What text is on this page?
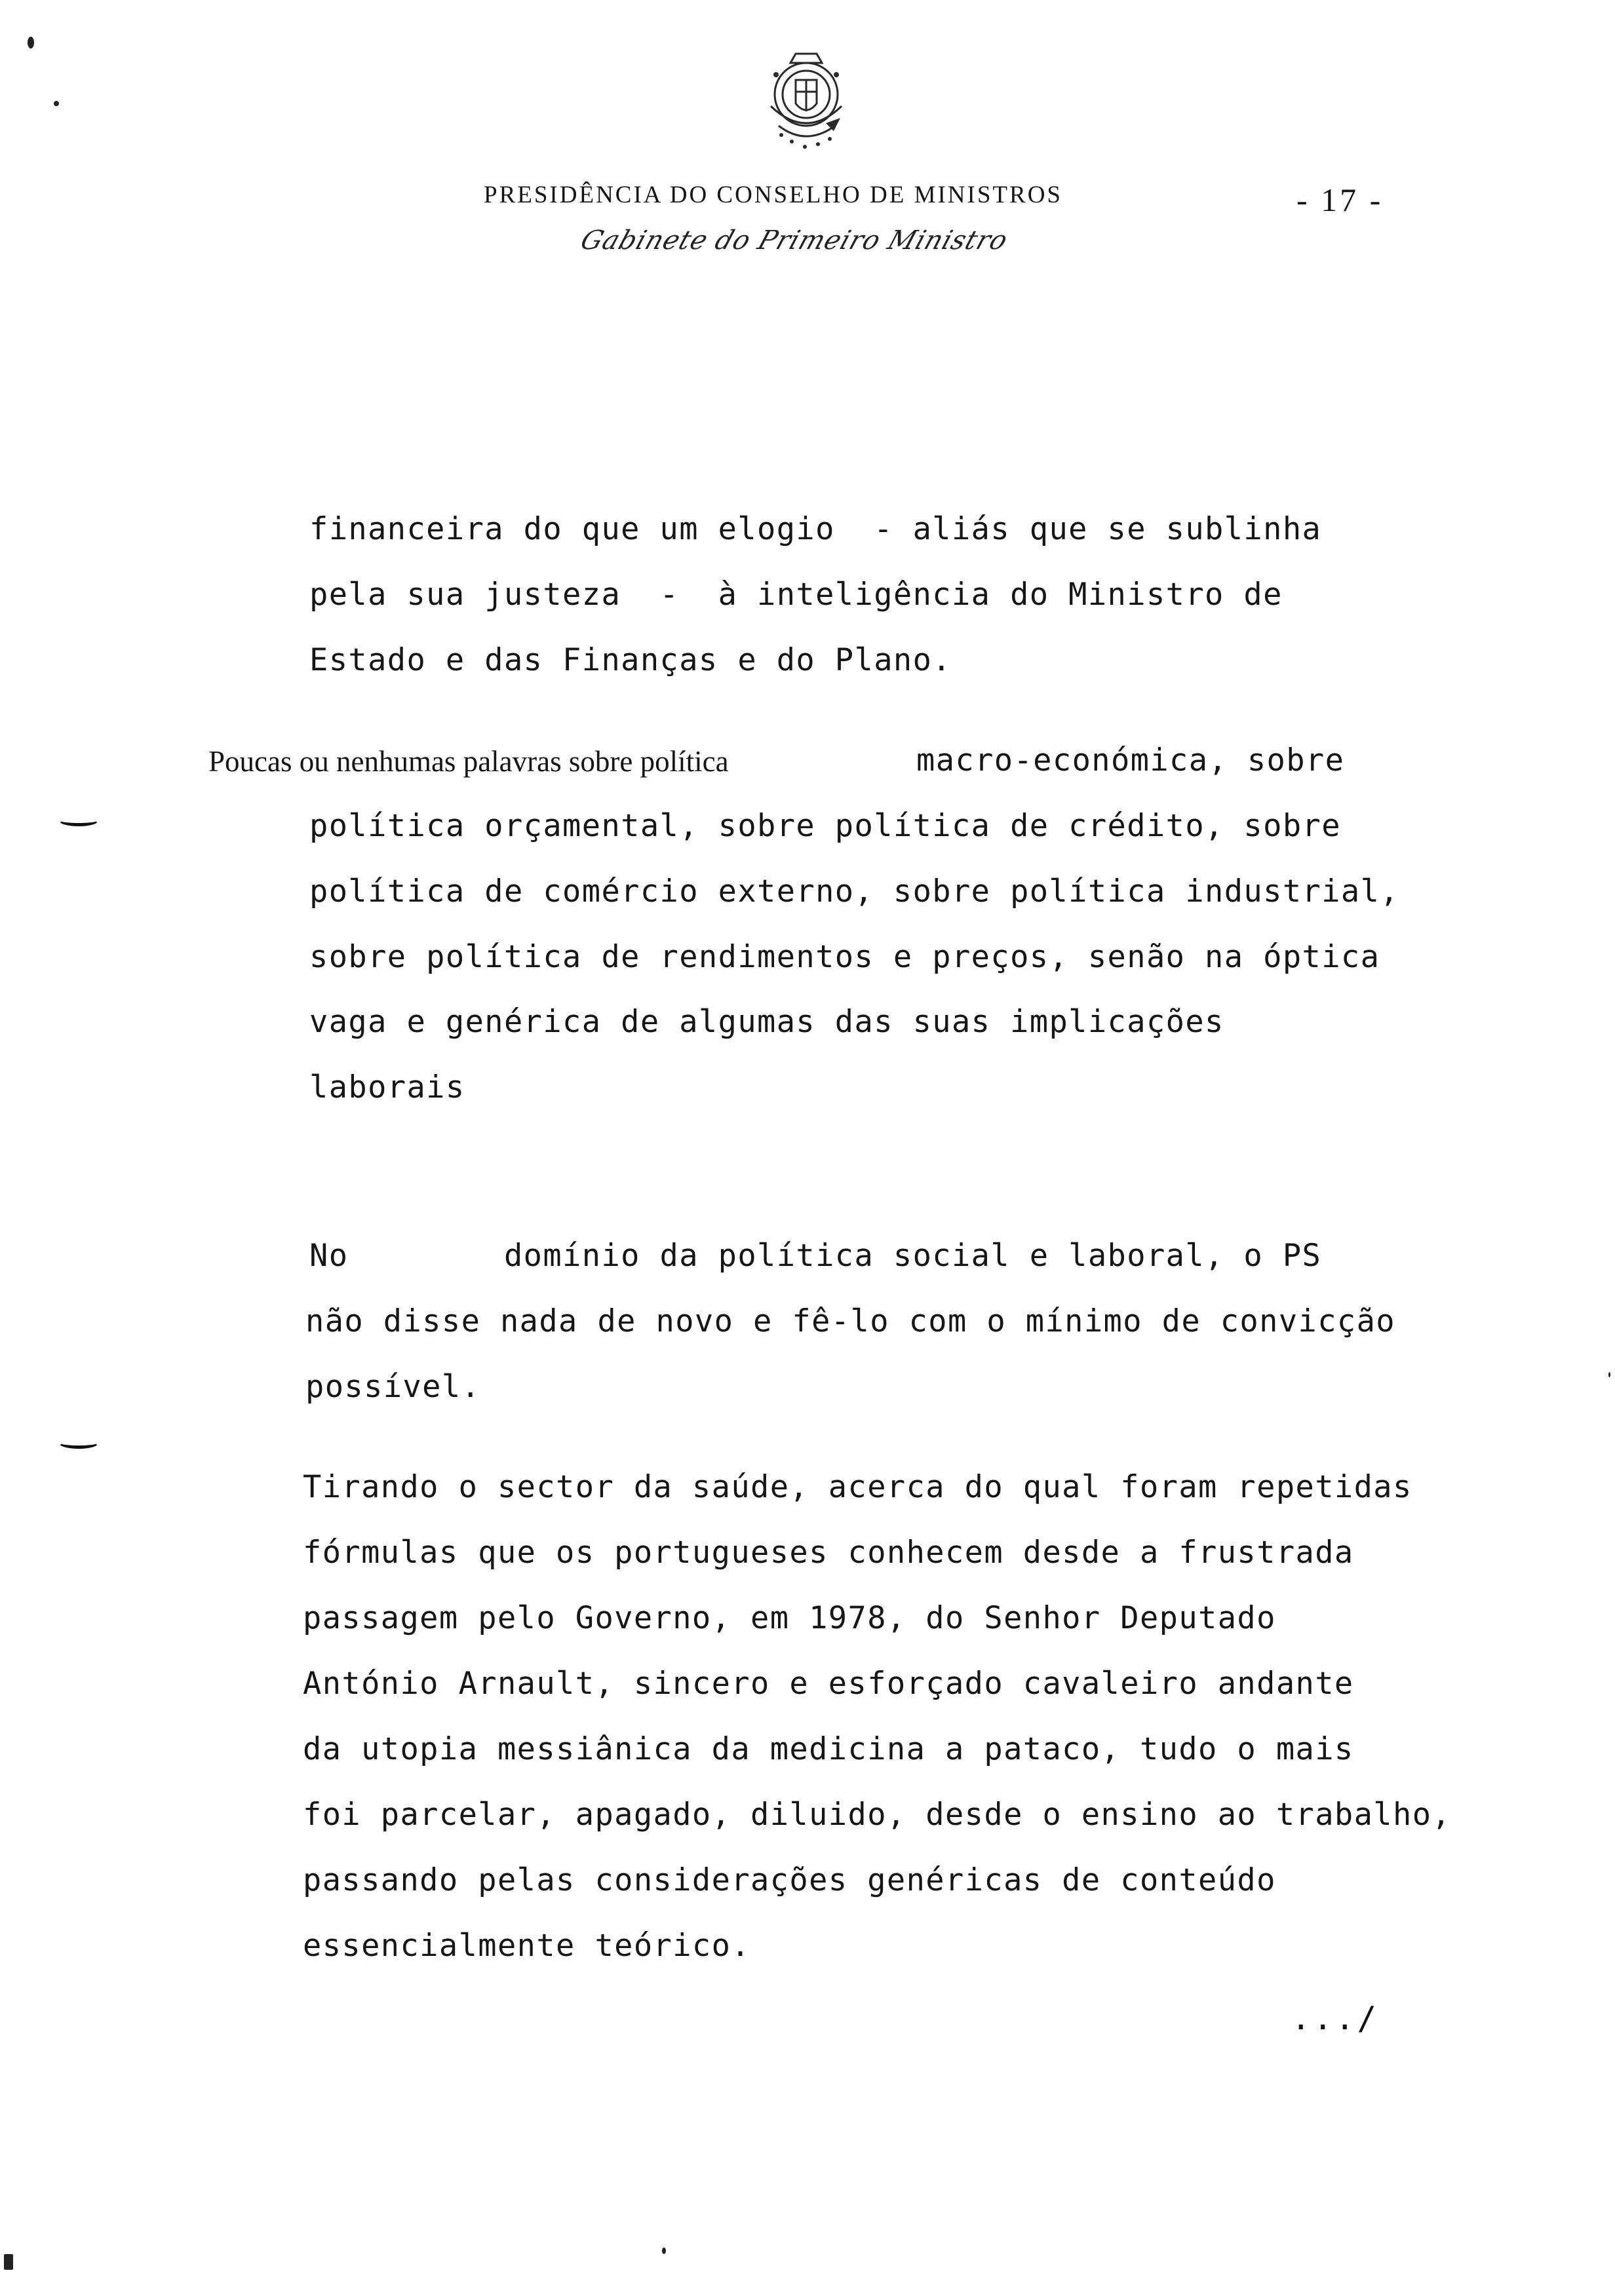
PRESIDÊNCIA DO CONSELHO DE MINISTROS	- 17 -
Gabinete do Primeiro Ministro
financeira do que um elogio  - aliás que se sublinha
pela sua justeza  -  à inteligência do Ministro de
Estado e das Finanças e do Plano.
Poucas ou nenhumas palavras sobre política	macro-económica, sobre
política orçamental, sobre política de crédito, sobre
política de comércio externo, sobre política industrial,
sobre política de rendimentos e preços, senão na óptica
vaga e genérica de algumas das suas implicações
laborais
No        domínio da política social e laboral, o PS
não disse nada de novo e fê-lo com o mínimo de convicção
possível.
Tirando o sector da saúde, acerca do qual foram repetidas
fórmulas que os portugueses conhecem desde a frustrada
passagem pelo Governo, em 1978, do Senhor Deputado
António Arnault, sincero e esforçado cavaleiro andante
da utopia messiânica da medicina a pataco, tudo o mais
foi parcelar, apagado, diluido, desde o ensino ao trabalho,
passando pelas considerações genéricas de conteúdo
essencialmente teórico.
.../
